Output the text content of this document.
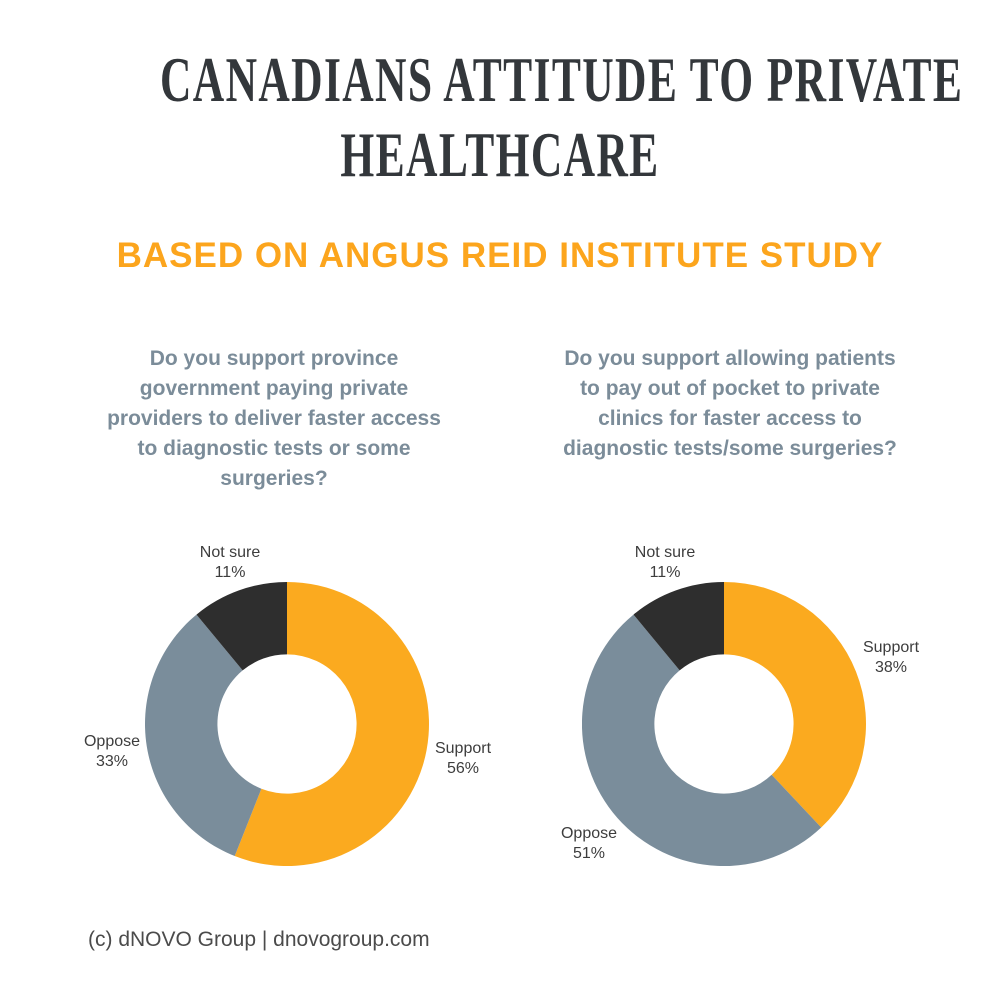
CANADIANS ATTITUDE TO PRIVATE
HEALTHCARE
BASED ON ANGUS REID INSTITUTE STUDY
Do you support province government paying private providers to deliver faster access to diagnostic tests or some surgeries?
Do you support allowing patients to pay out of pocket to private clinics for faster access to diagnostic tests/some surgeries?
Not sure
11%
Oppose
33%
Support
56%
Not sure
11%
Support
38%
Oppose
51%
(c) dNOVO Group | dnovogroup.com
